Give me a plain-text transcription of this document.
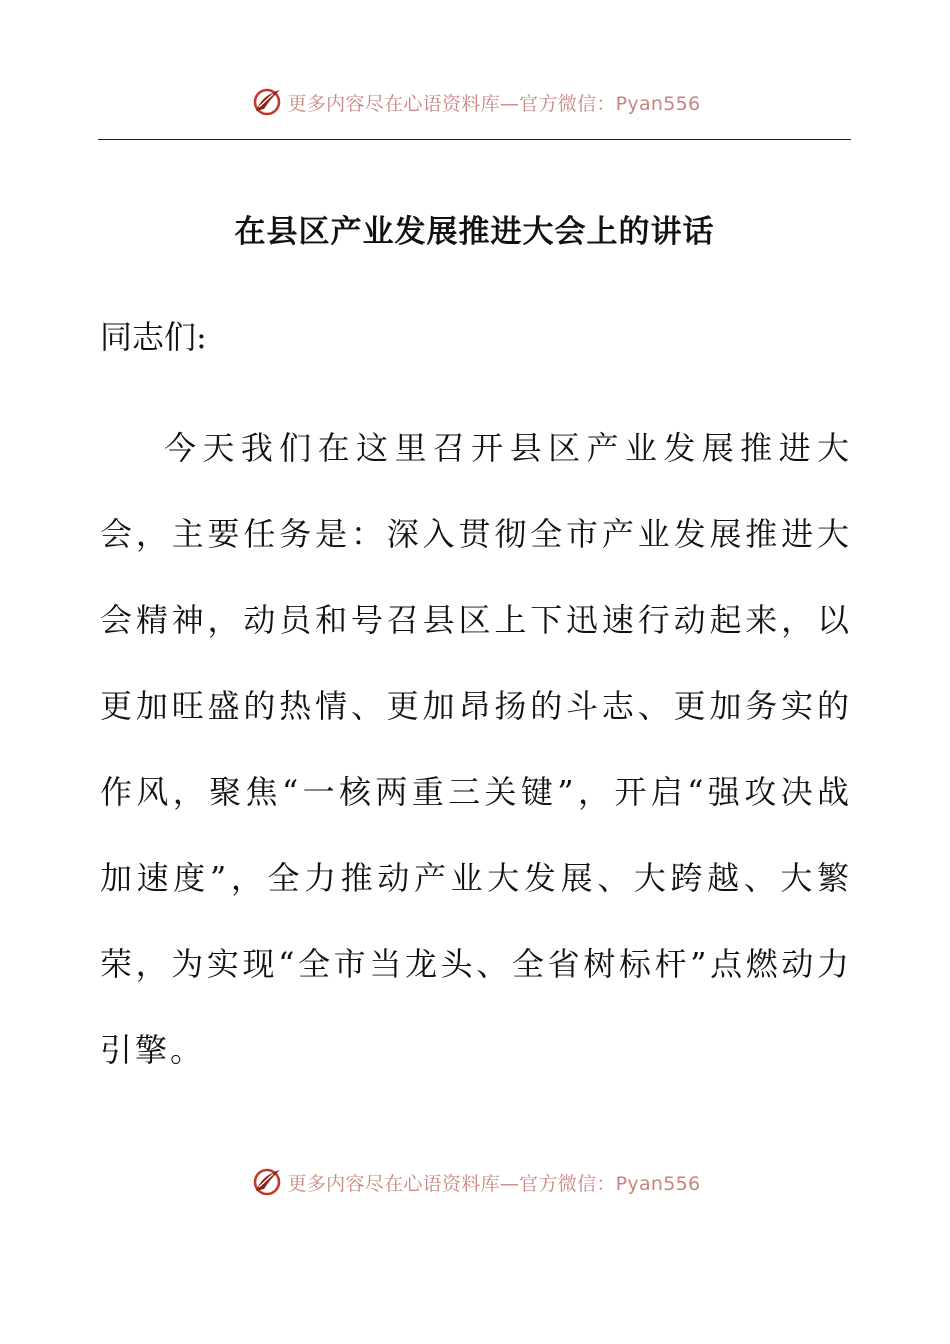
更多内容尽在心语资料库—官方微信：Pyan556
在县区产业发展推进大会上的讲话
同志们:

今天我们在这里召开县区产业发展推进大会，主要任务是：深入贯彻全市产业发展推进大会精神，动员和号召县区上下迅速行动起来，以更加旺盛的热情、更加昂扬的斗志、更加务实的作风，聚焦“一核两重三关键”，开启“强攻决战加速度”，全力推动产业大发展、大跨越、大繁荣，为实现“全市当龙头、全省树标杆”点燃动力引擎。

更多内容尽在心语资料库—官方微信：Pyan556
